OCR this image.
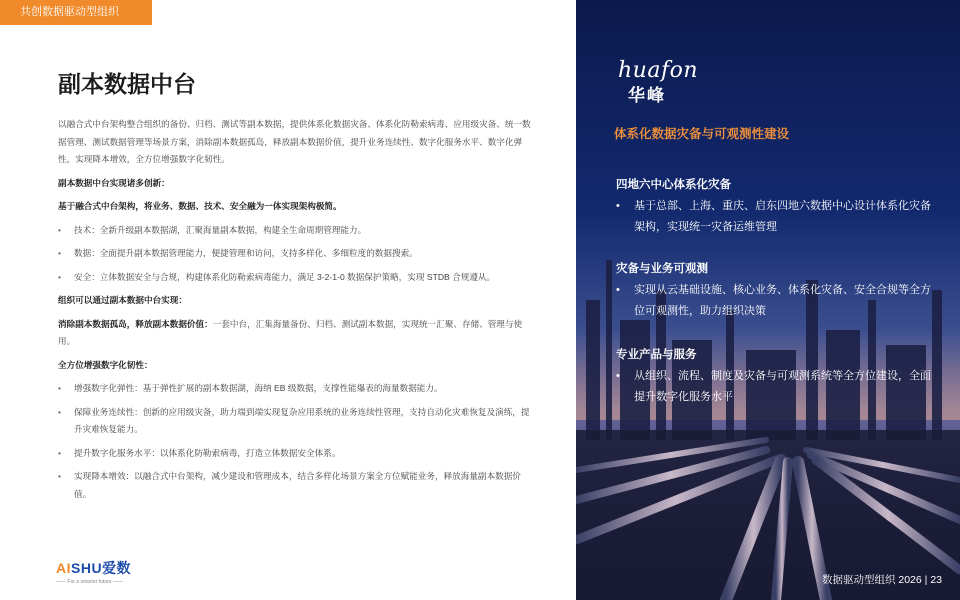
共创数据驱动型组织
副本数据中台

以融合式中台架构整合组织的备份、归档、测试等副本数据，提供体系化数据灾备、体系化防勒索病毒、应用级灾备、统一数据管理、测试数据管理等场景方案，消除副本数据孤岛，释放副本数据价值，提升业务连续性、数字化服务水平、数字化弹性，实现降本增效，全方位增强数字化韧性。

副本数据中台实现诸多创新：

基于融合式中台架构，将业务、数据、技术、安全融为一体实现架构极简。

• 技术：全新升级副本数据湖，汇聚海量副本数据，构建全生命周期管理能力。
• 数据：全面提升副本数据管理能力，便捷管理和访问，支持多样化、多细粒度的数据搜索。
• 安全：立体数据安全与合规，构建体系化防勒索病毒能力，满足 3-2-1-0 数据保护策略，实现 STDB 合规遵从。

组织可以通过副本数据中台实现：

消除副本数据孤岛，释放副本数据价值：一套中台，汇集海量备份、归档、测试副本数据，实现统一汇聚、存储、管理与使用。

全方位增强数字化韧性：

• 增强数字化弹性：基于弹性扩展的副本数据湖，海纳 EB 级数据，支撑性能爆表的海量数据能力。
• 保障业务连续性：创新的应用级灾备，助力端到端实现复杂应用系统的业务连续性管理，支持自动化灾难恢复及演练，提升灾难恢复能力。
• 提升数字化服务水平：以体系化防勒索病毒，打造立体数据安全体系。
• 实现降本增效：以融合式中台架构，减少建设和管理成本，结合多样化场景方案全方位赋能业务，释放海量副本数据价值。
AISHU爱数
—— For a smarter future ——
huafon
华峰
体系化数据灾备与可观测性建设
四地六中心体系化灾备
• 基于总部、上海、重庆、启东四地六数据中心设计体系化灾备架构，实现统一灾备运维管理
灾备与业务可观测
• 实现从云基础设施、核心业务、体系化灾备、安全合规等全方位可观测性，助力组织决策
专业产品与服务
• 从组织、流程、制度及灾备与可观测系统等全方位建设，全面提升数字化服务水平
数据驱动型组织 2026 | 23
